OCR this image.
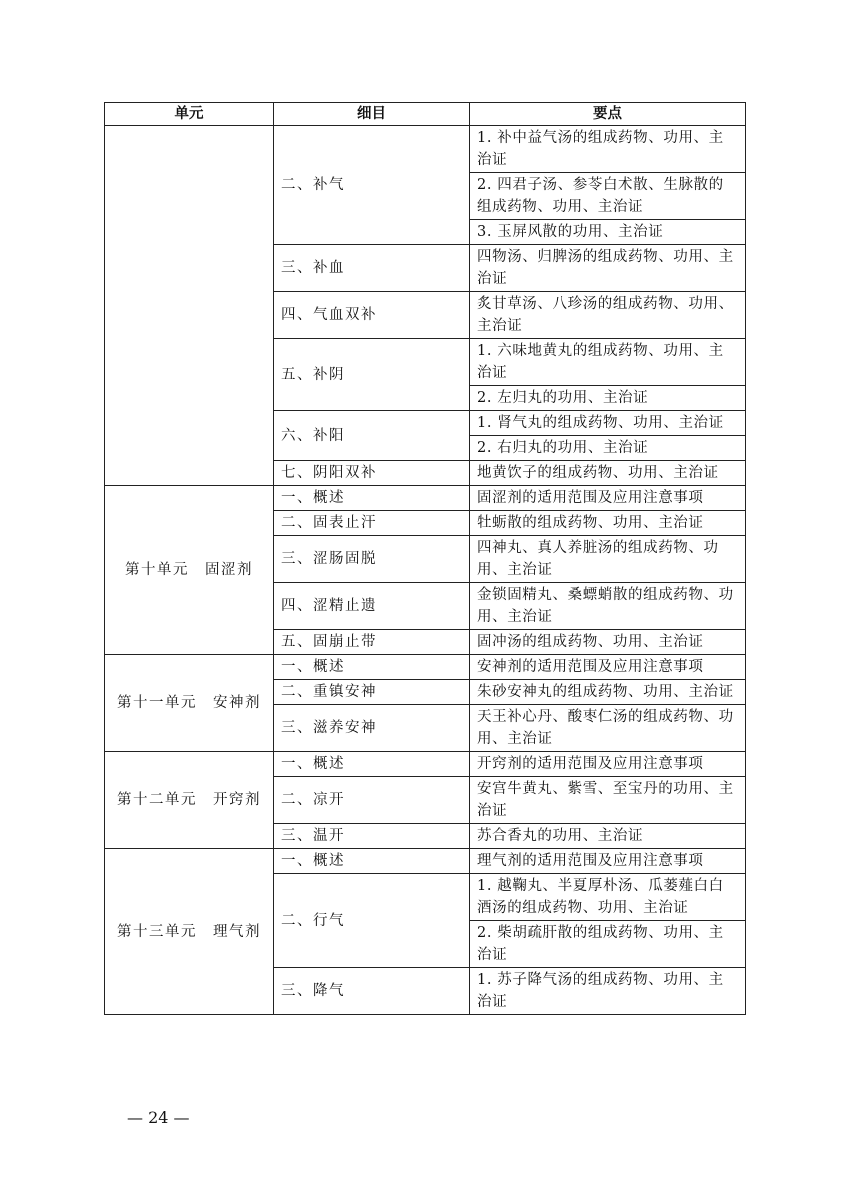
单元	细目	要点
	二、补气	1. 补中益气汤的组成药物、功用、主治证
		2. 四君子汤、参苓白术散、生脉散的组成药物、功用、主治证
		3. 玉屏风散的功用、主治证
	三、补血	四物汤、归脾汤的组成药物、功用、主治证
	四、气血双补	炙甘草汤、八珍汤的组成药物、功用、主治证
	五、补阴	1. 六味地黄丸的组成药物、功用、主治证
		2. 左归丸的功用、主治证
	六、补阳	1. 肾气丸的组成药物、功用、主治证
		2. 右归丸的功用、主治证
	七、阴阳双补	地黄饮子的组成药物、功用、主治证
第十单元　固涩剂	一、概述	固涩剂的适用范围及应用注意事项
	二、固表止汗	牡蛎散的组成药物、功用、主治证
	三、涩肠固脱	四神丸、真人养脏汤的组成药物、功用、主治证
	四、涩精止遗	金锁固精丸、桑螵蛸散的组成药物、功用、主治证
	五、固崩止带	固冲汤的组成药物、功用、主治证
第十一单元　安神剂	一、概述	安神剂的适用范围及应用注意事项
	二、重镇安神	朱砂安神丸的组成药物、功用、主治证
	三、滋养安神	天王补心丹、酸枣仁汤的组成药物、功用、主治证
第十二单元　开窍剂	一、概述	开窍剂的适用范围及应用注意事项
	二、凉开	安宫牛黄丸、紫雪、至宝丹的功用、主治证
	三、温开	苏合香丸的功用、主治证
第十三单元　理气剂	一、概述	理气剂的适用范围及应用注意事项
	二、行气	1. 越鞠丸、半夏厚朴汤、瓜蒌薤白白酒汤的组成药物、功用、主治证
		2. 柴胡疏肝散的组成药物、功用、主治证
	三、降气	1. 苏子降气汤的组成药物、功用、主治证
— 24 —
